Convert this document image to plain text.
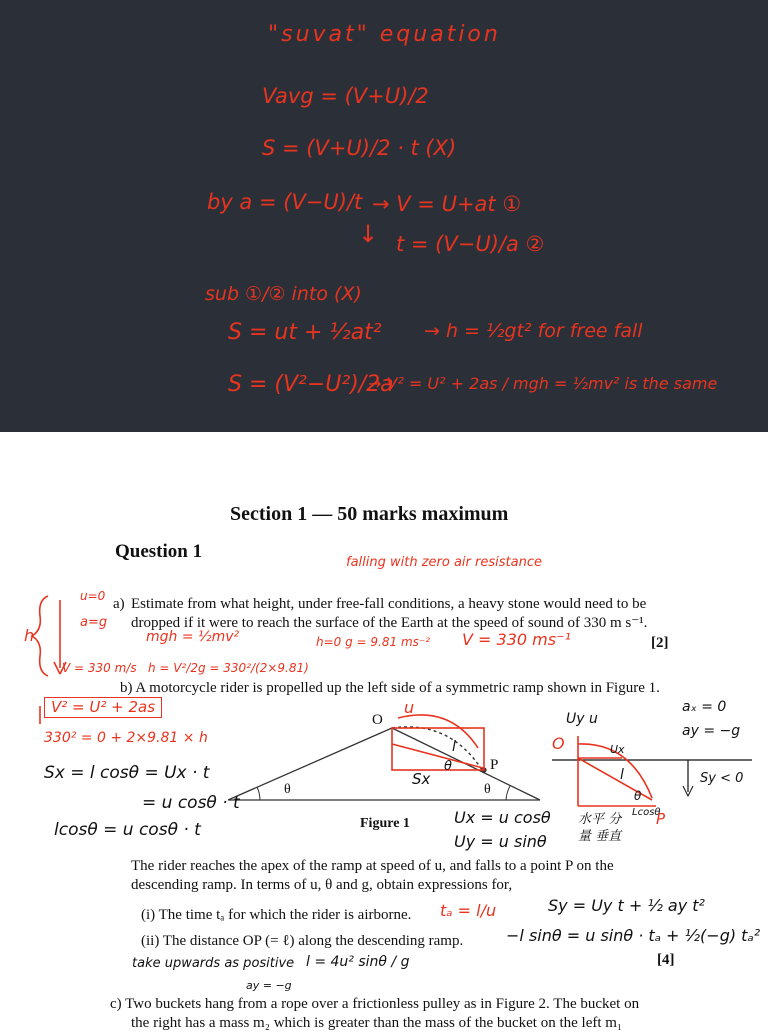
"suvat" equation
Vavg = (V+U)/2
S = (V+U)/2 · t (X)
by a = (V−U)/t → V = U+at ①
↓ t = (V−U)/a ②
sub ①/② into (X)
S = ut + ½at² → h = ½gt² for free fall
S = (V²−U²)/2a
→ V² = U² + 2as / mgh = ½mv² is the same
Section 1 — 50 marks maximum
Question 1
a) Estimate from what height, under free-fall conditions, a heavy stone would need to be
dropped if it were to reach the surface of the Earth at the speed of sound of 330 m s⁻¹.
[2]
b) A motorcycle rider is propelled up the left side of a symmetric ramp shown in Figure 1.
O
P
θ	θ
Figure 1
The rider reaches the apex of the ramp at speed of u, and falls to a point P on the
descending ramp. In terms of u, θ and g, obtain expressions for,
(i) The time tₐ for which the rider is airborne.
(ii) The distance OP (= ℓ) along the descending ramp.
[4]
c) Two buckets hang from a rope over a frictionless pulley as in Figure 2. The bucket on
the right has a mass m₂ which is greater than the mass of the bucket on the left m₁
falling with zero air resistance
u=0
a=g
h	mgh = ½mv²	h=0 g = 9.81 ms⁻² V = 330 ms⁻¹
V = 330 m/s h = V²/2g = 330²/(2×9.81)
V² = U² + 2as
330² = 0 + 2×9.81 × h
Sx = l cosθ = Ux · t
= u cosθ · t
lcosθ = u cosθ · t
u
l
θ
Sx
Ux = u cosθ
Uy = u sinθ
水平 分量 垂直
tₐ = l/u	Sy = Uy t + ½ ay t²
−l sinθ = u sinθ · tₐ + ½(−g) tₐ²
take upwards as positive l = 4u² sinθ / g
ay = −g
O
Uy u
Ux
l
θ
Lcosθ
P
aₓ = 0
ay = −g
Sy < 0
